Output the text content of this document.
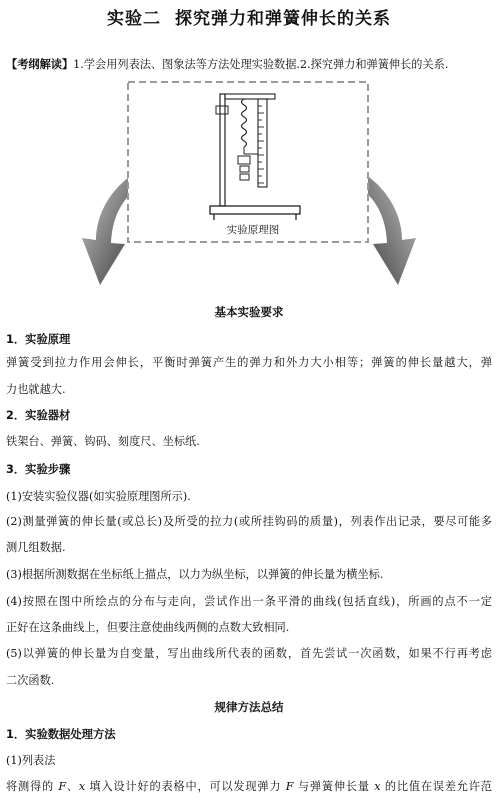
实验二 探究弹力和弹簧伸长的关系
【考纲解读】1.学会用列表法、图象法等方法处理实验数据.2.探究弹力和弹簧伸长的关系.
实验原理图
基本实验要求
1．实验原理
弹簧受到拉力作用会伸长，平衡时弹簧产生的弹力和外力大小相等；弹簧的伸长量越大，弹
力也就越大.
2．实验器材
铁架台、弹簧、钩码、刻度尺、坐标纸.
3．实验步骤
(1)安装实验仪器(如实验原理图所示).
(2)测量弹簧的伸长量(或总长)及所受的拉力(或所挂钩码的质量)，列表作出记录，要尽可能多
测几组数据.
(3)根据所测数据在坐标纸上描点，以力为纵坐标，以弹簧的伸长量为横坐标.
(4)按照在图中所绘点的分布与走向，尝试作出一条平滑的曲线(包括直线)，所画的点不一定
正好在这条曲线上，但要注意使曲线两侧的点数大致相同.
(5)以弹簧的伸长量为自变量，写出曲线所代表的函数，首先尝试一次函数，如果不行再考虑
二次函数.
规律方法总结
1．实验数据处理方法
(1)列表法
将测得的 F、x 填入设计好的表格中，可以发现弹力 F 与弹簧伸长量 x 的比值在误差允许范
